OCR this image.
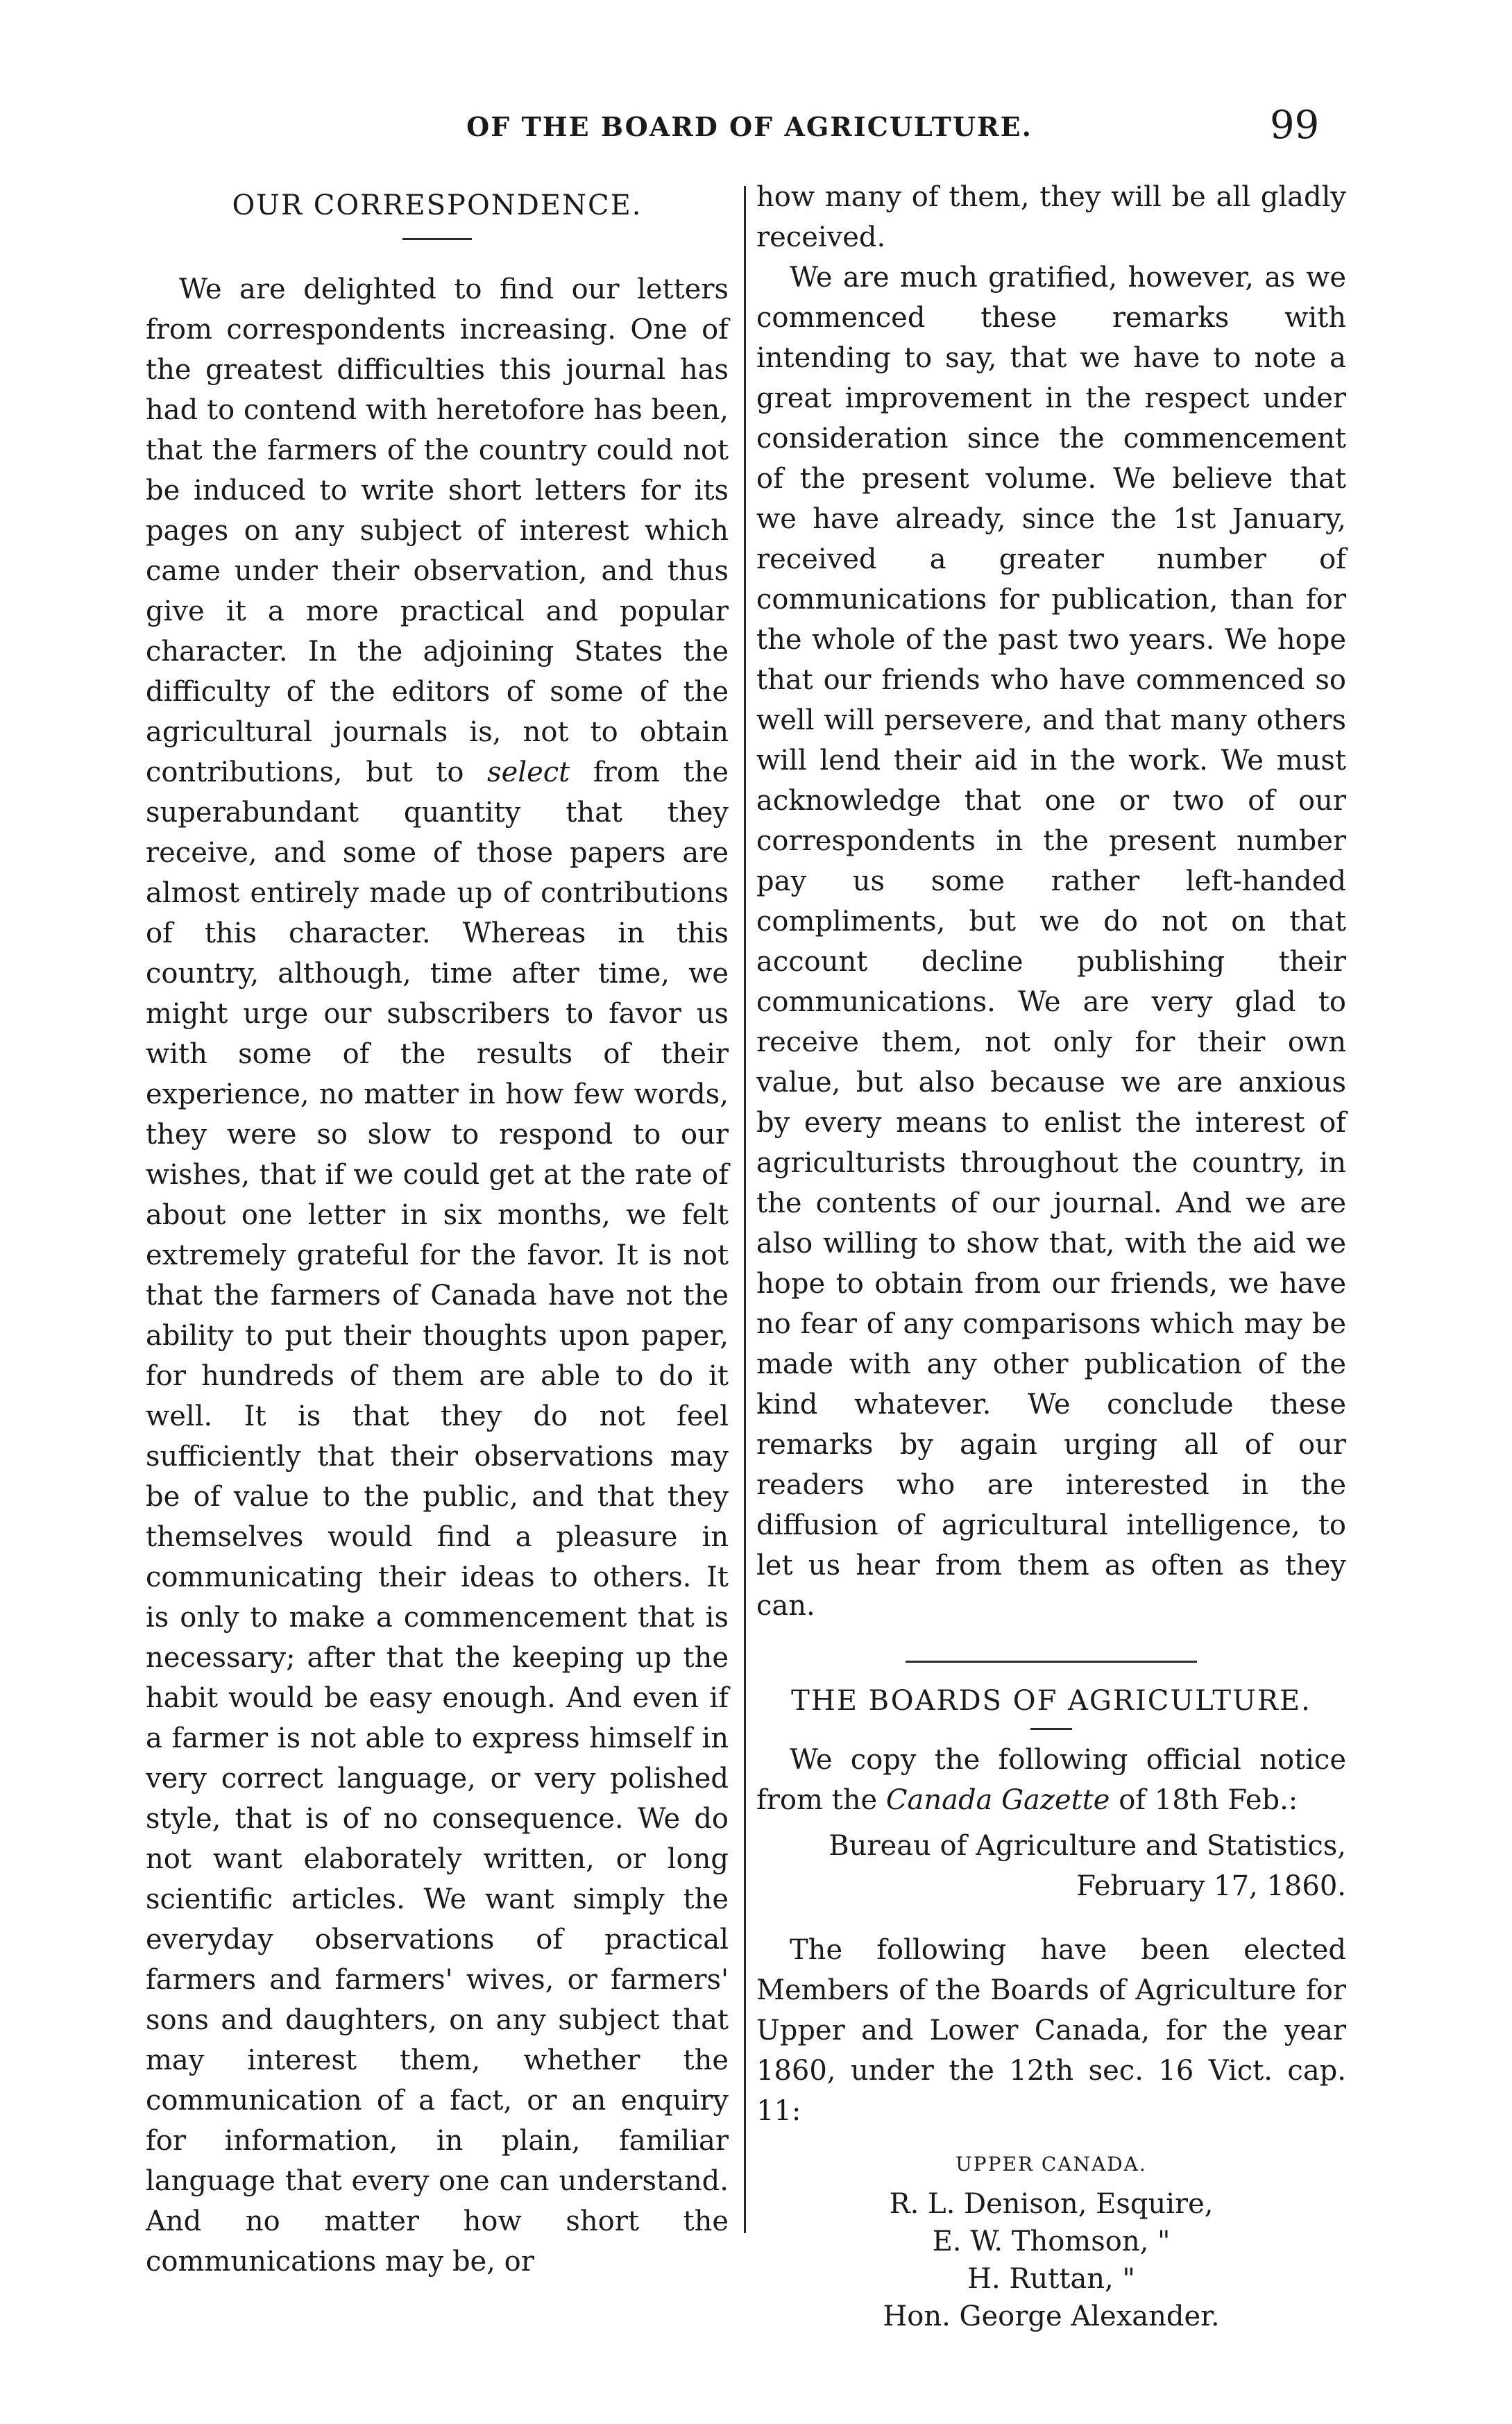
OF THE BOARD OF AGRICULTURE.	99
OUR CORRESPONDENCE.

We are delighted to find our letters from correspondents increasing. One of the greatest difficulties this journal has had to contend with heretofore has been, that the farmers of the country could not be induced to write short letters for its pages on any subject of interest which came under their observation, and thus give it a more practical and popular character. In the adjoining States the difficulty of the editors of some of the agricultural journals is, not to obtain contributions, but to select from the superabundant quantity that they receive, and some of those papers are almost entirely made up of contributions of this character. Whereas in this country, although, time after time, we might urge our subscribers to favor us with some of the results of their experience, no matter in how few words, they were so slow to respond to our wishes, that if we could get at the rate of about one letter in six months, we felt extremely grateful for the favor. It is not that the farmers of Canada have not the ability to put their thoughts upon paper, for hundreds of them are able to do it well. It is that they do not feel sufficiently that their observations may be of value to the public, and that they themselves would find a pleasure in communicating their ideas to others. It is only to make a commencement that is necessary; after that the keeping up the habit would be easy enough. And even if a farmer is not able to express himself in very correct language, or very polished style, that is of no consequence. We do not want elaborately written, or long scientific articles. We want simply the everyday observations of practical farmers and farmers' wives, or farmers' sons and daughters, on any subject that may interest them, whether the communication of a fact, or an enquiry for information, in plain, familiar language that every one can understand. And no matter how short the communications may be, or

how many of them, they will be all gladly received.

We are much gratified, however, as we commenced these remarks with intending to say, that we have to note a great improvement in the respect under consideration since the commencement of the present volume. We believe that we have already, since the 1st January, received a greater number of communications for publication, than for the whole of the past two years. We hope that our friends who have commenced so well will persevere, and that many others will lend their aid in the work. We must acknowledge that one or two of our correspondents in the present number pay us some rather left-handed compliments, but we do not on that account decline publishing their communications. We are very glad to receive them, not only for their own value, but also because we are anxious by every means to enlist the interest of agriculturists throughout the country, in the contents of our journal. And we are also willing to show that, with the aid we hope to obtain from our friends, we have no fear of any comparisons which may be made with any other publication of the kind whatever. We conclude these remarks by again urging all of our readers who are interested in the diffusion of agricultural intelligence, to let us hear from them as often as they can.

THE BOARDS OF AGRICULTURE.

We copy the following official notice from the Canada Gazette of 18th Feb.:

Bureau of Agriculture and Statistics,
February 17, 1860.

The following have been elected Members of the Boards of Agriculture for Upper and Lower Canada, for the year 1860, under the 12th sec. 16 Vict. cap. 11:

UPPER CANADA.
R. L. Denison, Esquire,
E. W. Thomson, "
H. Ruttan, "
Hon. George Alexander.
